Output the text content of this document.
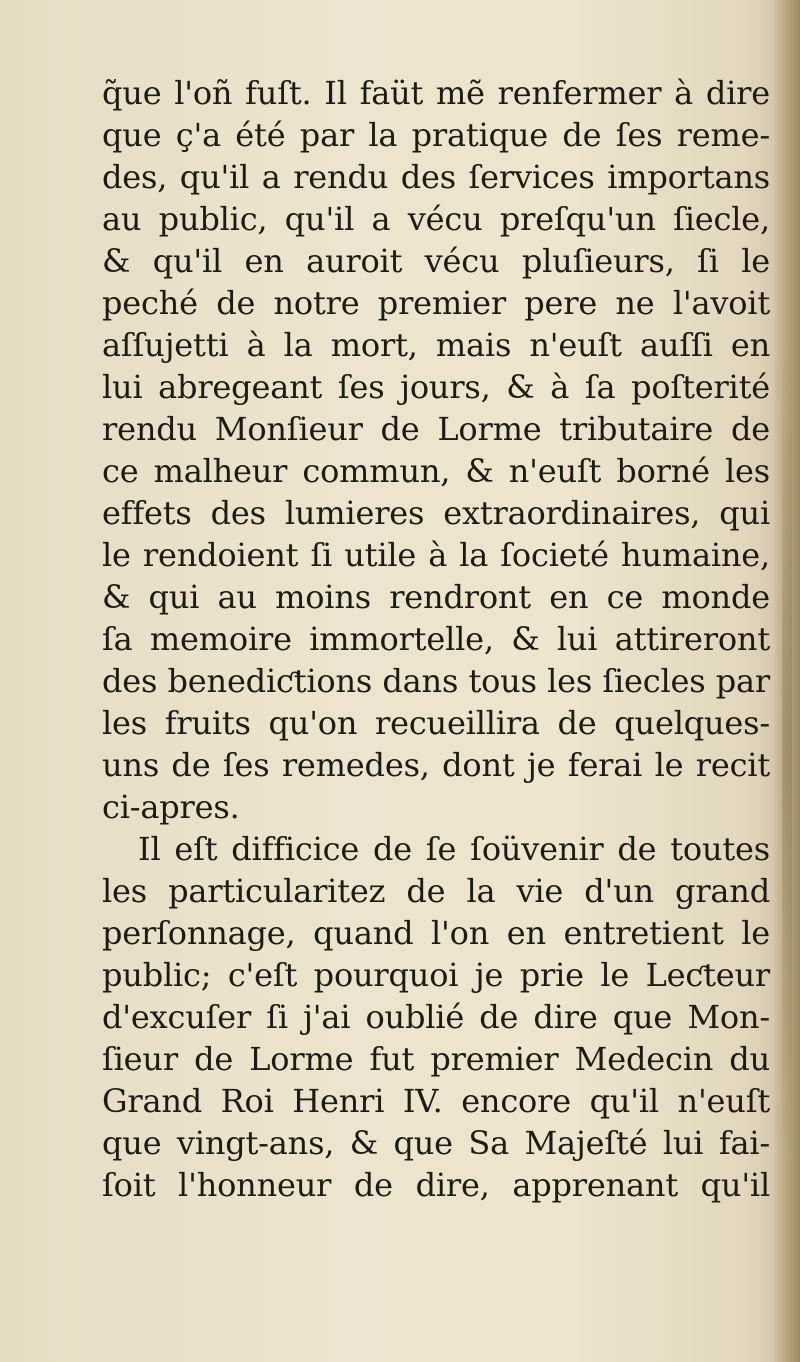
q̃ue l'oñ fuſt. Il faüt mẽ renfermer à dire
que ç'a été par la pratique de ſes reme-
des, qu'il a rendu des ſervices importans
au public, qu'il a vécu preſqu'un ſiecle,
& qu'il en auroit vécu pluſieurs, ſi le
peché de notre premier pere ne l'avoit
aſſujetti à la mort, mais n'euſt auſſi en
lui abregeant ſes jours, & à ſa poſterité
rendu Monſieur de Lorme tributaire de
ce malheur commun, & n'euſt borné les
effets des lumieres extraordinaires, qui
le rendoient ſi utile à la ſocieté humaine,
& qui au moins rendront en ce monde
ſa memoire immortelle, & lui attireront
des benediƈtions dans tous les ſiecles par
les fruits qu'on recueillira de quelques-
uns de ſes remedes, dont je ferai le recit
ci-apres.
Il eſt difficice de ſe ſoüvenir de toutes
les particularitez de la vie d'un grand
perſonnage, quand l'on en entretient le
public; c'eſt pourquoi je prie le Leƈteur
d'excuſer ſi j'ai oublié de dire que Mon-
ſieur de Lorme fut premier Medecin du
Grand Roi Henri IV. encore qu'il n'euſt
que vingt-ans, & que Sa Majeſté lui fai-
ſoit l'honneur de dire, apprenant qu'il
